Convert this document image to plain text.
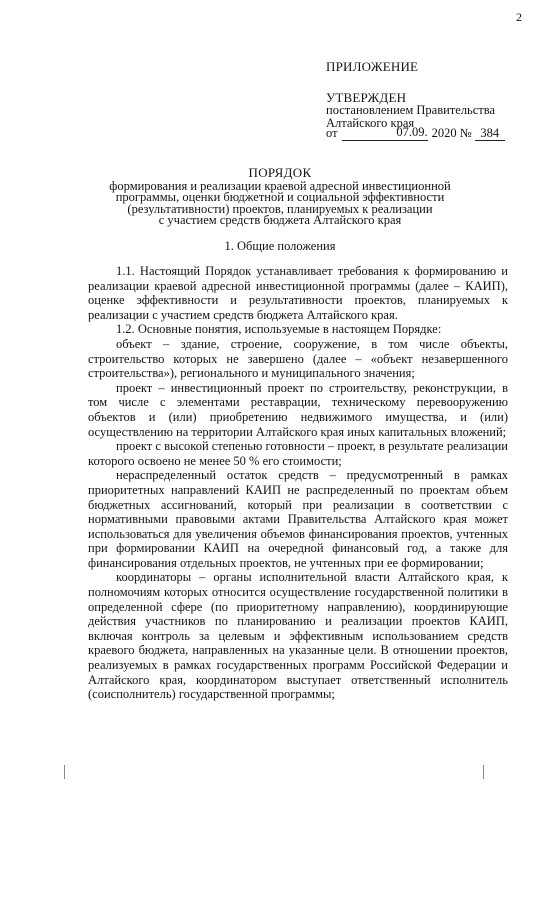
2
ПРИЛОЖЕНИЕ
УТВЕРЖДЕН
постановлением Правительства
Алтайского края
от	07.09. 2020 № 384
ПОРЯДОК
формирования и реализации краевой адресной инвестиционной
программы, оценки бюджетной и социальной эффективности
(результативности) проектов, планируемых к реализации
с участием средств бюджета Алтайского края
1. Общие положения

1.1. Настоящий Порядок устанавливает требования к формированию и реализации краевой адресной инвестиционной программы (далее – КАИП), оценке эффективности и результативности проектов, планируемых к реализации с участием средств бюджета Алтайского края.

1.2. Основные понятия, используемые в настоящем Порядке:

объект – здание, строение, сооружение, в том числе объекты, строительство которых не завершено (далее – «объект незавершенного строительства»), регионального и муниципального значения;

проект – инвестиционный проект по строительству, реконструкции, в том числе с элементами реставрации, техническому перевооружению объектов и (или) приобретению недвижимого имущества, и (или) осуществлению на территории Алтайского края иных капитальных вложений;

проект с высокой степенью готовности – проект, в результате реализации которого освоено не менее 50 % его стоимости;

нераспределенный остаток средств – предусмотренный в рамках приоритетных направлений КАИП не распределенный по проектам объем бюджетных ассигнований, который при реализации в соответствии с нормативными правовыми актами Правительства Алтайского края может использоваться для увеличения объемов финансирования проектов, учтенных при формировании КАИП на очередной финансовый год, а также для финансирования отдельных проектов, не учтенных при ее формировании;

координаторы – органы исполнительной власти Алтайского края, к полномочиям которых относится осуществление государственной политики в определенной сфере (по приоритетному направлению), координирующие действия участников по планированию и реализации проектов КАИП, включая контроль за целевым и эффективным использованием средств краевого бюджета, направленных на указанные цели. В отношении проектов, реализуемых в рамках государственных программ Российской Федерации и Алтайского края, координатором выступает ответственный исполнитель (соисполнитель) государственной программы;
